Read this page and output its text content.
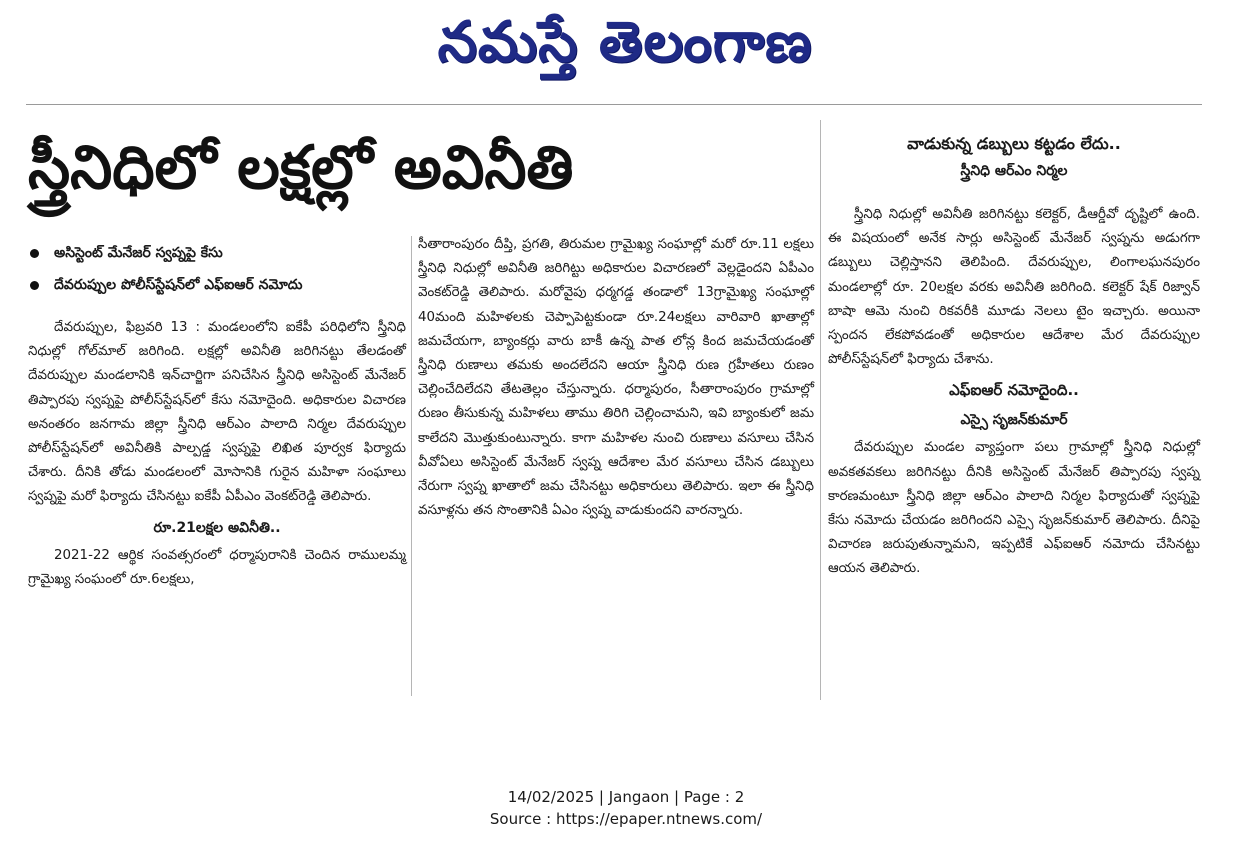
నమస్తే తెలంగాణ
స్త్రీనిధిలో లక్షల్లో అవినీతి
అసిస్టెంట్ మేనేజర్ స్వప్నపై కేసు
దేవరుప్పుల పోలీస్‌స్టేషన్‌లో ఎఫ్ఐఆర్ నమోదు

దేవరుప్పుల, ఫిబ్రవరి 13 : మండలంలోని ఐకేపీ పరిధిలోని స్త్రీనిధి నిధుల్లో గోల్‌మాల్ జరిగింది. లక్షల్లో అవినీతి జరిగినట్టు తేలడంతో దేవరుప్పుల మండలానికి ఇన్‌చార్జిగా పనిచేసిన స్త్రీనిధి అసిస్టెంట్ మేనేజర్ తిప్పారపు స్వప్నపై పోలీస్‌స్టేషన్‌లో కేసు నమోదైంది. అధికారుల విచారణ అనంతరం జనగామ జిల్లా స్త్రీనిధి ఆర్ఎం పాలాది నిర్మల దేవరుప్పుల పోలీస్‌స్టేషన్‌లో అవినీతికి పాల్పడ్డ స్వప్నపై లిఖిత పూర్వక ఫిర్యాదు చేశారు. దీనికి తోడు మండలంలో మోసానికి గురైన మహిళా సంఘాలు స్వప్నపై మరో ఫిర్యాదు చేసినట్టు ఐకేపీ ఏపీఎం వెంకట్‌రెడ్డి తెలిపారు.

రూ.21లక్షల అవినీతి..

2021-22 ఆర్థిక సంవత్సరంలో ధర్మాపురానికి చెందిన రాములమ్మ గ్రామైఖ్య సంఘంలో రూ.6లక్షలు,

సీతారాంపురం దీప్తి, ప్రగతి, తిరుమల గ్రామైఖ్య సంఘాల్లో మరో రూ.11 లక్షలు స్త్రీనిధి నిధుల్లో అవినీతి జరిగిట్టు అధికారుల విచారణలో వెల్లడైందని ఏపీఎం వెంకట్‌రెడ్డి తెలిపారు. మరోవైపు ధర్మగడ్డ తండాలో 13గ్రామైఖ్య సంఘాల్లో 40మంది మహిళలకు చెప్పాపెట్టకుండా రూ.24లక్షలు వారివారి ఖాతాల్లో జమచేయగా, బ్యాంకర్లు వారు బాకీ ఉన్న పాత లోన్ల కింద జమచేయడంతో స్త్రీనిధి రుణాలు తమకు అందలేదని ఆయా స్త్రీనిధి రుణ గ్రహీతలు రుణం చెల్లించేదిలేదని తేటతెల్లం చేస్తున్నారు. ధర్మాపురం, సీతారాంపురం గ్రామాల్లో రుణం తీసుకున్న మహిళలు తాము తిరిగి చెల్లించామని, ఇవి బ్యాంకులో జమ కాలేదని మొత్తుకుంటున్నారు. కాగా మహిళల నుంచి రుణాలు వసూలు చేసిన వీవోఏలు అసిస్టెంట్ మేనేజర్ స్వప్న ఆదేశాల మేర వసూలు చేసిన డబ్బులు నేరుగా స్వప్న ఖాతాలో జమ చేసినట్టు అధికారులు తెలిపారు. ఇలా ఈ స్త్రీనిధి వసూళ్లను తన సొంతానికి ఏఎం స్వప్న వాడుకుందని వారన్నారు.

వాడుకున్న డబ్బులు కట్టడం లేదు..
స్త్రీనిధి ఆర్ఎం నిర్మల

స్త్రీనిధి నిధుల్లో అవినీతి జరిగినట్టు కలెక్టర్, డీఆర్డీవో దృష్టిలో ఉంది. ఈ విషయంలో అనేక సార్లు అసిస్టెంట్ మేనేజర్ స్వప్నను అడుగగా డబ్బులు చెల్లిస్తానని తెలిపింది. దేవరుప్పుల, లింగాలఘనపురం మండలాల్లో రూ. 20లక్షల వరకు అవినీతి జరిగింది. కలెక్టర్ షేక్ రిజ్వాన్ బాషా ఆమె నుంచి రికవరీకి మూడు నెలలు టైం ఇచ్చారు. అయినా స్పందన లేకపోవడంతో అధికారుల ఆదేశాల మేర దేవరుప్పుల పోలీస్‌స్టేషన్‌లో ఫిర్యాదు చేశాను.

ఎఫ్ఐఆర్ నమోదైంది..
ఎస్సై సృజన్‌కుమార్

దేవరుప్పుల మండల వ్యాప్తంగా పలు గ్రామాల్లో స్త్రీనిధి నిధుల్లో అవకతవకలు జరిగినట్టు దీనికి అసిస్టెంట్ మేనేజర్ తిప్పారపు స్వప్న కారణమంటూ స్త్రీనిధి జిల్లా ఆర్ఎం పాలాది నిర్మల ఫిర్యాదుతో స్వప్నపై కేసు నమోదు చేయడం జరిగిందని ఎస్సై సృజన్‌కుమార్ తెలిపారు. దీనిపై విచారణ జరుపుతున్నామని, ఇప్పటికే ఎఫ్ఐఆర్ నమోదు చేసినట్టు ఆయన తెలిపారు.

14/02/2025 | Jangaon | Page : 2
Source : https://epaper.ntnews.com/
